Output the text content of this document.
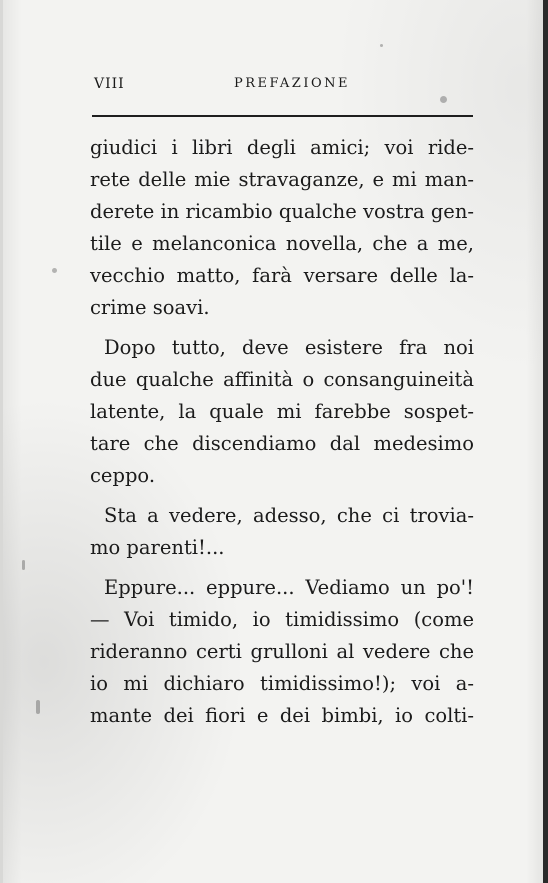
VIII	PREFAZIONE
giudici i libri degli amici; voi ride-
rete delle mie stravaganze, e mi man-
derete in ricambio qualche vostra gen-
tile e melanconica novella, che a me,
vecchio matto, farà versare delle la-
crime soavi.
Dopo tutto, deve esistere fra noi
due qualche affinità o consanguineità
latente, la quale mi farebbe sospet-
tare che discendiamo dal medesimo
ceppo.
Sta a vedere, adesso, che ci trovia-
mo parenti!...
Eppure... eppure... Vediamo un po'!
— Voi timido, io timidissimo (come
rideranno certi grulloni al vedere che
io mi dichiaro timidissimo!); voi a-
mante dei fiori e dei bimbi, io colti-
